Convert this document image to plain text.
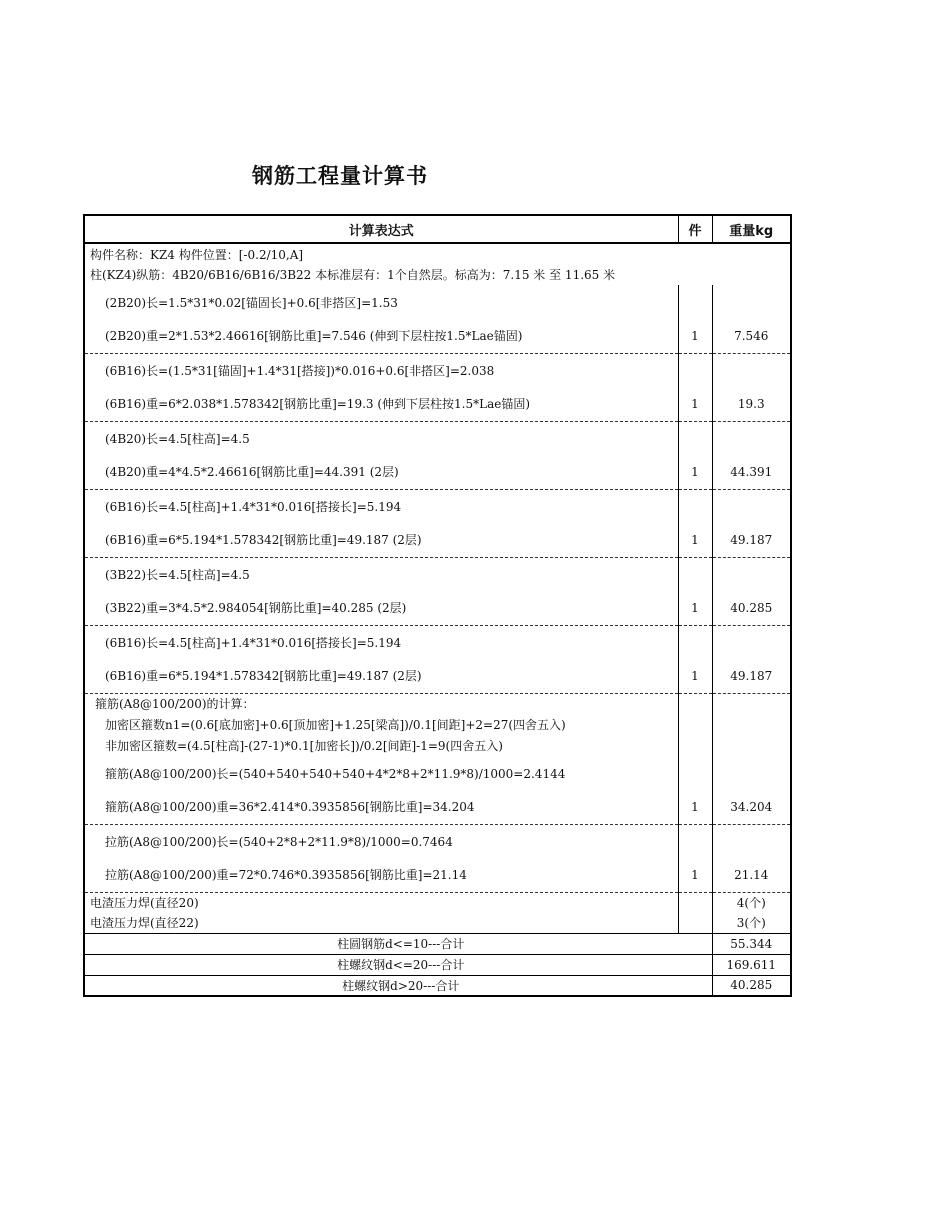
钢筋工程量计算书
计算表达式	件	重量kg
构件名称：KZ4 构件位置：[-0.2/10,A]		
柱(KZ4)纵筋：4B20/6B16/6B16/3B22 本标准层有：1个自然层。标高为：7.15 米 至 11.65 米		
(2B20)长=1.5*31*0.02[锚固长]+0.6[非搭区]=1.53		
(2B20)重=2*1.53*2.46616[钢筋比重]=7.546 (伸到下层柱按1.5*Lae锚固)	1	7.546
(6B16)长=(1.5*31[锚固]+1.4*31[搭接])*0.016+0.6[非搭区]=2.038		
(6B16)重=6*2.038*1.578342[钢筋比重]=19.3 (伸到下层柱按1.5*Lae锚固)	1	19.3
(4B20)长=4.5[柱高]=4.5		
(4B20)重=4*4.5*2.46616[钢筋比重]=44.391 (2层)	1	44.391
(6B16)长=4.5[柱高]+1.4*31*0.016[搭接长]=5.194		
(6B16)重=6*5.194*1.578342[钢筋比重]=49.187 (2层)	1	49.187
(3B22)长=4.5[柱高]=4.5		
(3B22)重=3*4.5*2.984054[钢筋比重]=40.285 (2层)	1	40.285
(6B16)长=4.5[柱高]+1.4*31*0.016[搭接长]=5.194		
(6B16)重=6*5.194*1.578342[钢筋比重]=49.187 (2层)	1	49.187
箍筋(A8@100/200)的计算：		
加密区箍数n1=(0.6[底加密]+0.6[顶加密]+1.25[梁高])/0.1[间距]+2=27(四舍五入)		
非加密区箍数=(4.5[柱高]-(27-1)*0.1[加密长])/0.2[间距]-1=9(四舍五入)		
箍筋(A8@100/200)长=(540+540+540+540+4*2*8+2*11.9*8)/1000=2.4144		
箍筋(A8@100/200)重=36*2.414*0.3935856[钢筋比重]=34.204	1	34.204
拉筋(A8@100/200)长=(540+2*8+2*11.9*8)/1000=0.7464		
拉筋(A8@100/200)重=72*0.746*0.3935856[钢筋比重]=21.14	1	21.14
电渣压力焊(直径20)		4(个)
电渣压力焊(直径22)		3(个)
柱圆钢筋d<=10---合计		55.344
柱螺纹钢d<=20---合计		169.611
柱螺纹钢d>20---合计		40.285
